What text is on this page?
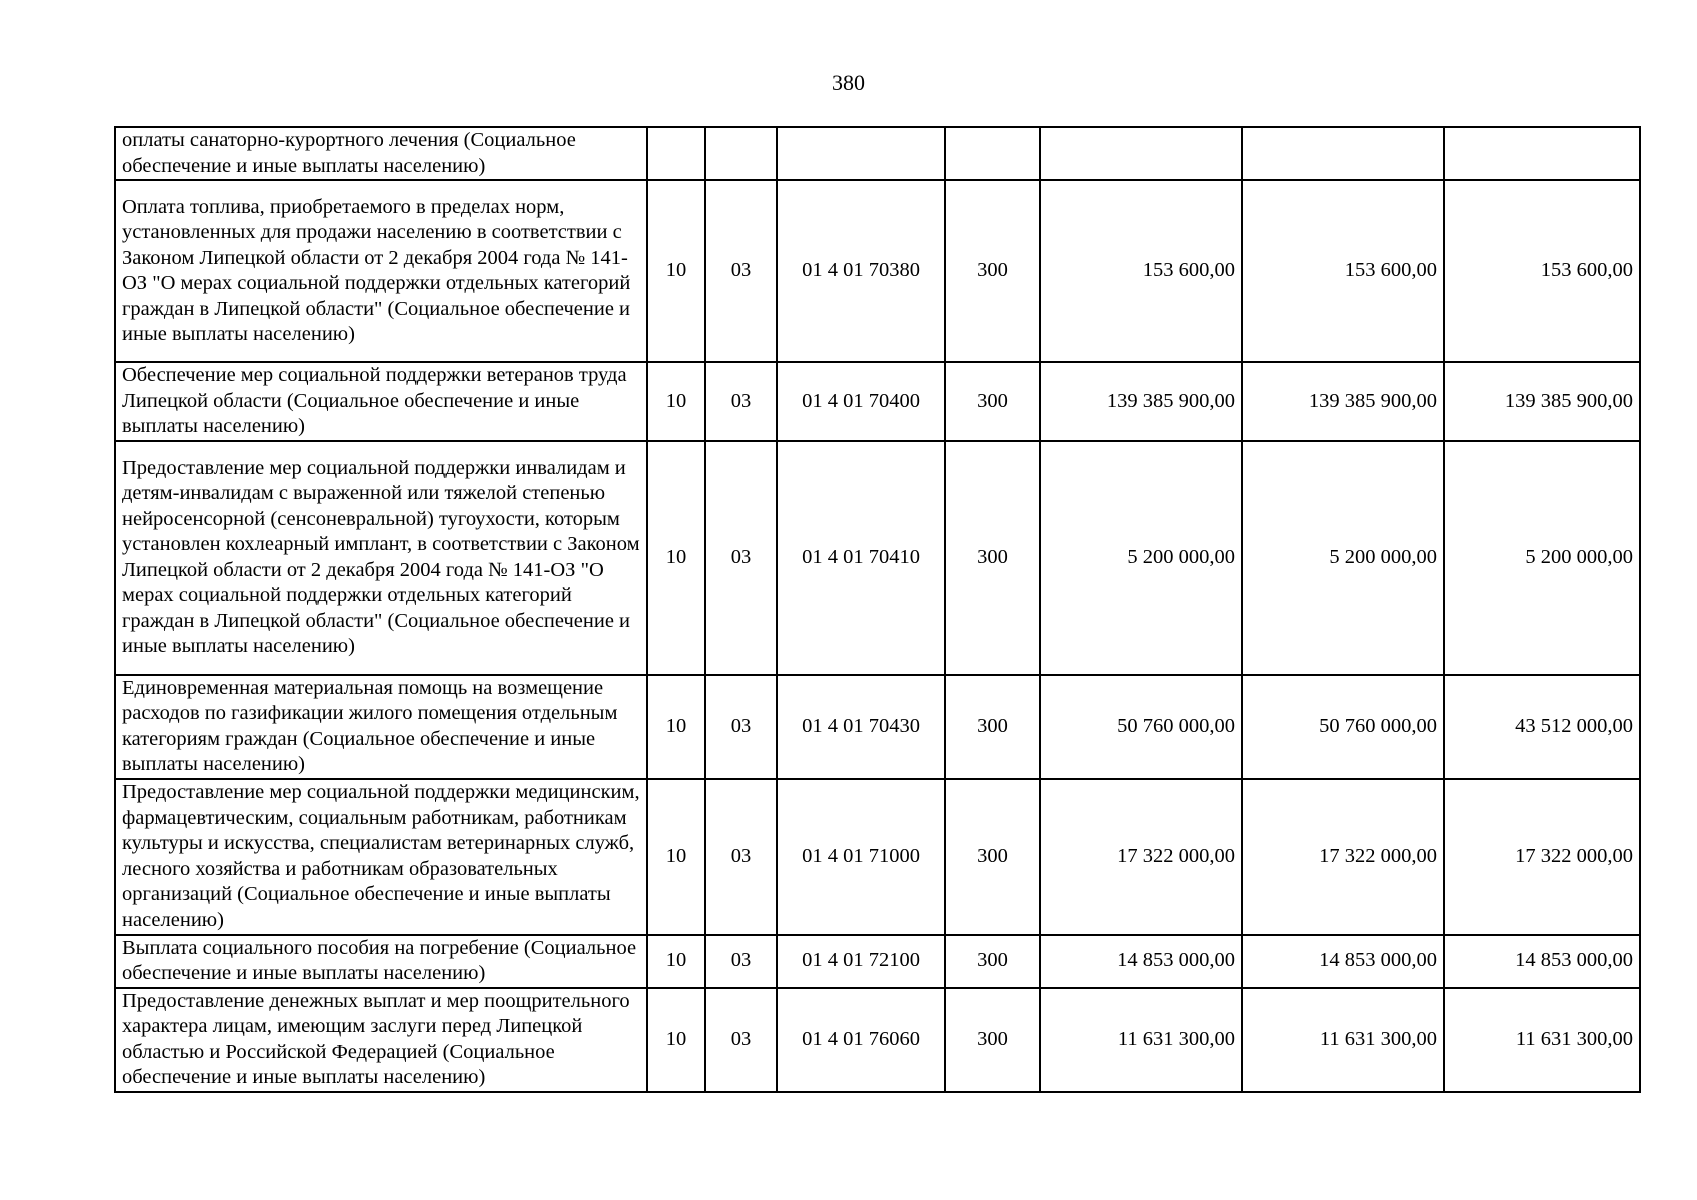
380
оплаты санаторно-курортного лечения (Социальное обеспечение и иные выплаты населению)							
Оплата топлива, приобретаемого в пределах норм, установленных для продажи населению в соответствии с Законом Липецкой области от 2 декабря 2004 года № 141-ОЗ "О мерах социальной поддержки отдельных категорий граждан в Липецкой области" (Социальное обеспечение и иные выплаты населению)	10	03	01 4 01 70380	300	153 600,00	153 600,00	153 600,00
Обеспечение мер социальной поддержки ветеранов труда Липецкой области (Социальное обеспечение и иные выплаты населению)	10	03	01 4 01 70400	300	139 385 900,00	139 385 900,00	139 385 900,00
Предоставление мер социальной поддержки инвалидам и детям-инвалидам с выраженной или тяжелой степенью нейросенсорной (сенсоневральной) тугоухости, которым установлен кохлеарный имплант, в соответствии с Законом Липецкой области от 2 декабря 2004 года № 141-ОЗ "О мерах социальной поддержки отдельных категорий граждан в Липецкой области" (Социальное обеспечение и иные выплаты населению)	10	03	01 4 01 70410	300	5 200 000,00	5 200 000,00	5 200 000,00
Единовременная материальная помощь на возмещение расходов по газификации жилого помещения отдельным категориям граждан (Социальное обеспечение и иные выплаты населению)	10	03	01 4 01 70430	300	50 760 000,00	50 760 000,00	43 512 000,00
Предоставление мер социальной поддержки медицинским, фармацевтическим, социальным работникам, работникам культуры и искусства, специалистам ветеринарных служб, лесного хозяйства и работникам образовательных организаций (Социальное обеспечение и иные выплаты населению)	10	03	01 4 01 71000	300	17 322 000,00	17 322 000,00	17 322 000,00
Выплата социального пособия на погребение (Социальное обеспечение и иные выплаты населению)	10	03	01 4 01 72100	300	14 853 000,00	14 853 000,00	14 853 000,00
Предоставление денежных выплат и мер поощрительного характера лицам, имеющим заслуги перед Липецкой областью и Российской Федерацией (Социальное обеспечение и иные выплаты населению)	10	03	01 4 01 76060	300	11 631 300,00	11 631 300,00	11 631 300,00
